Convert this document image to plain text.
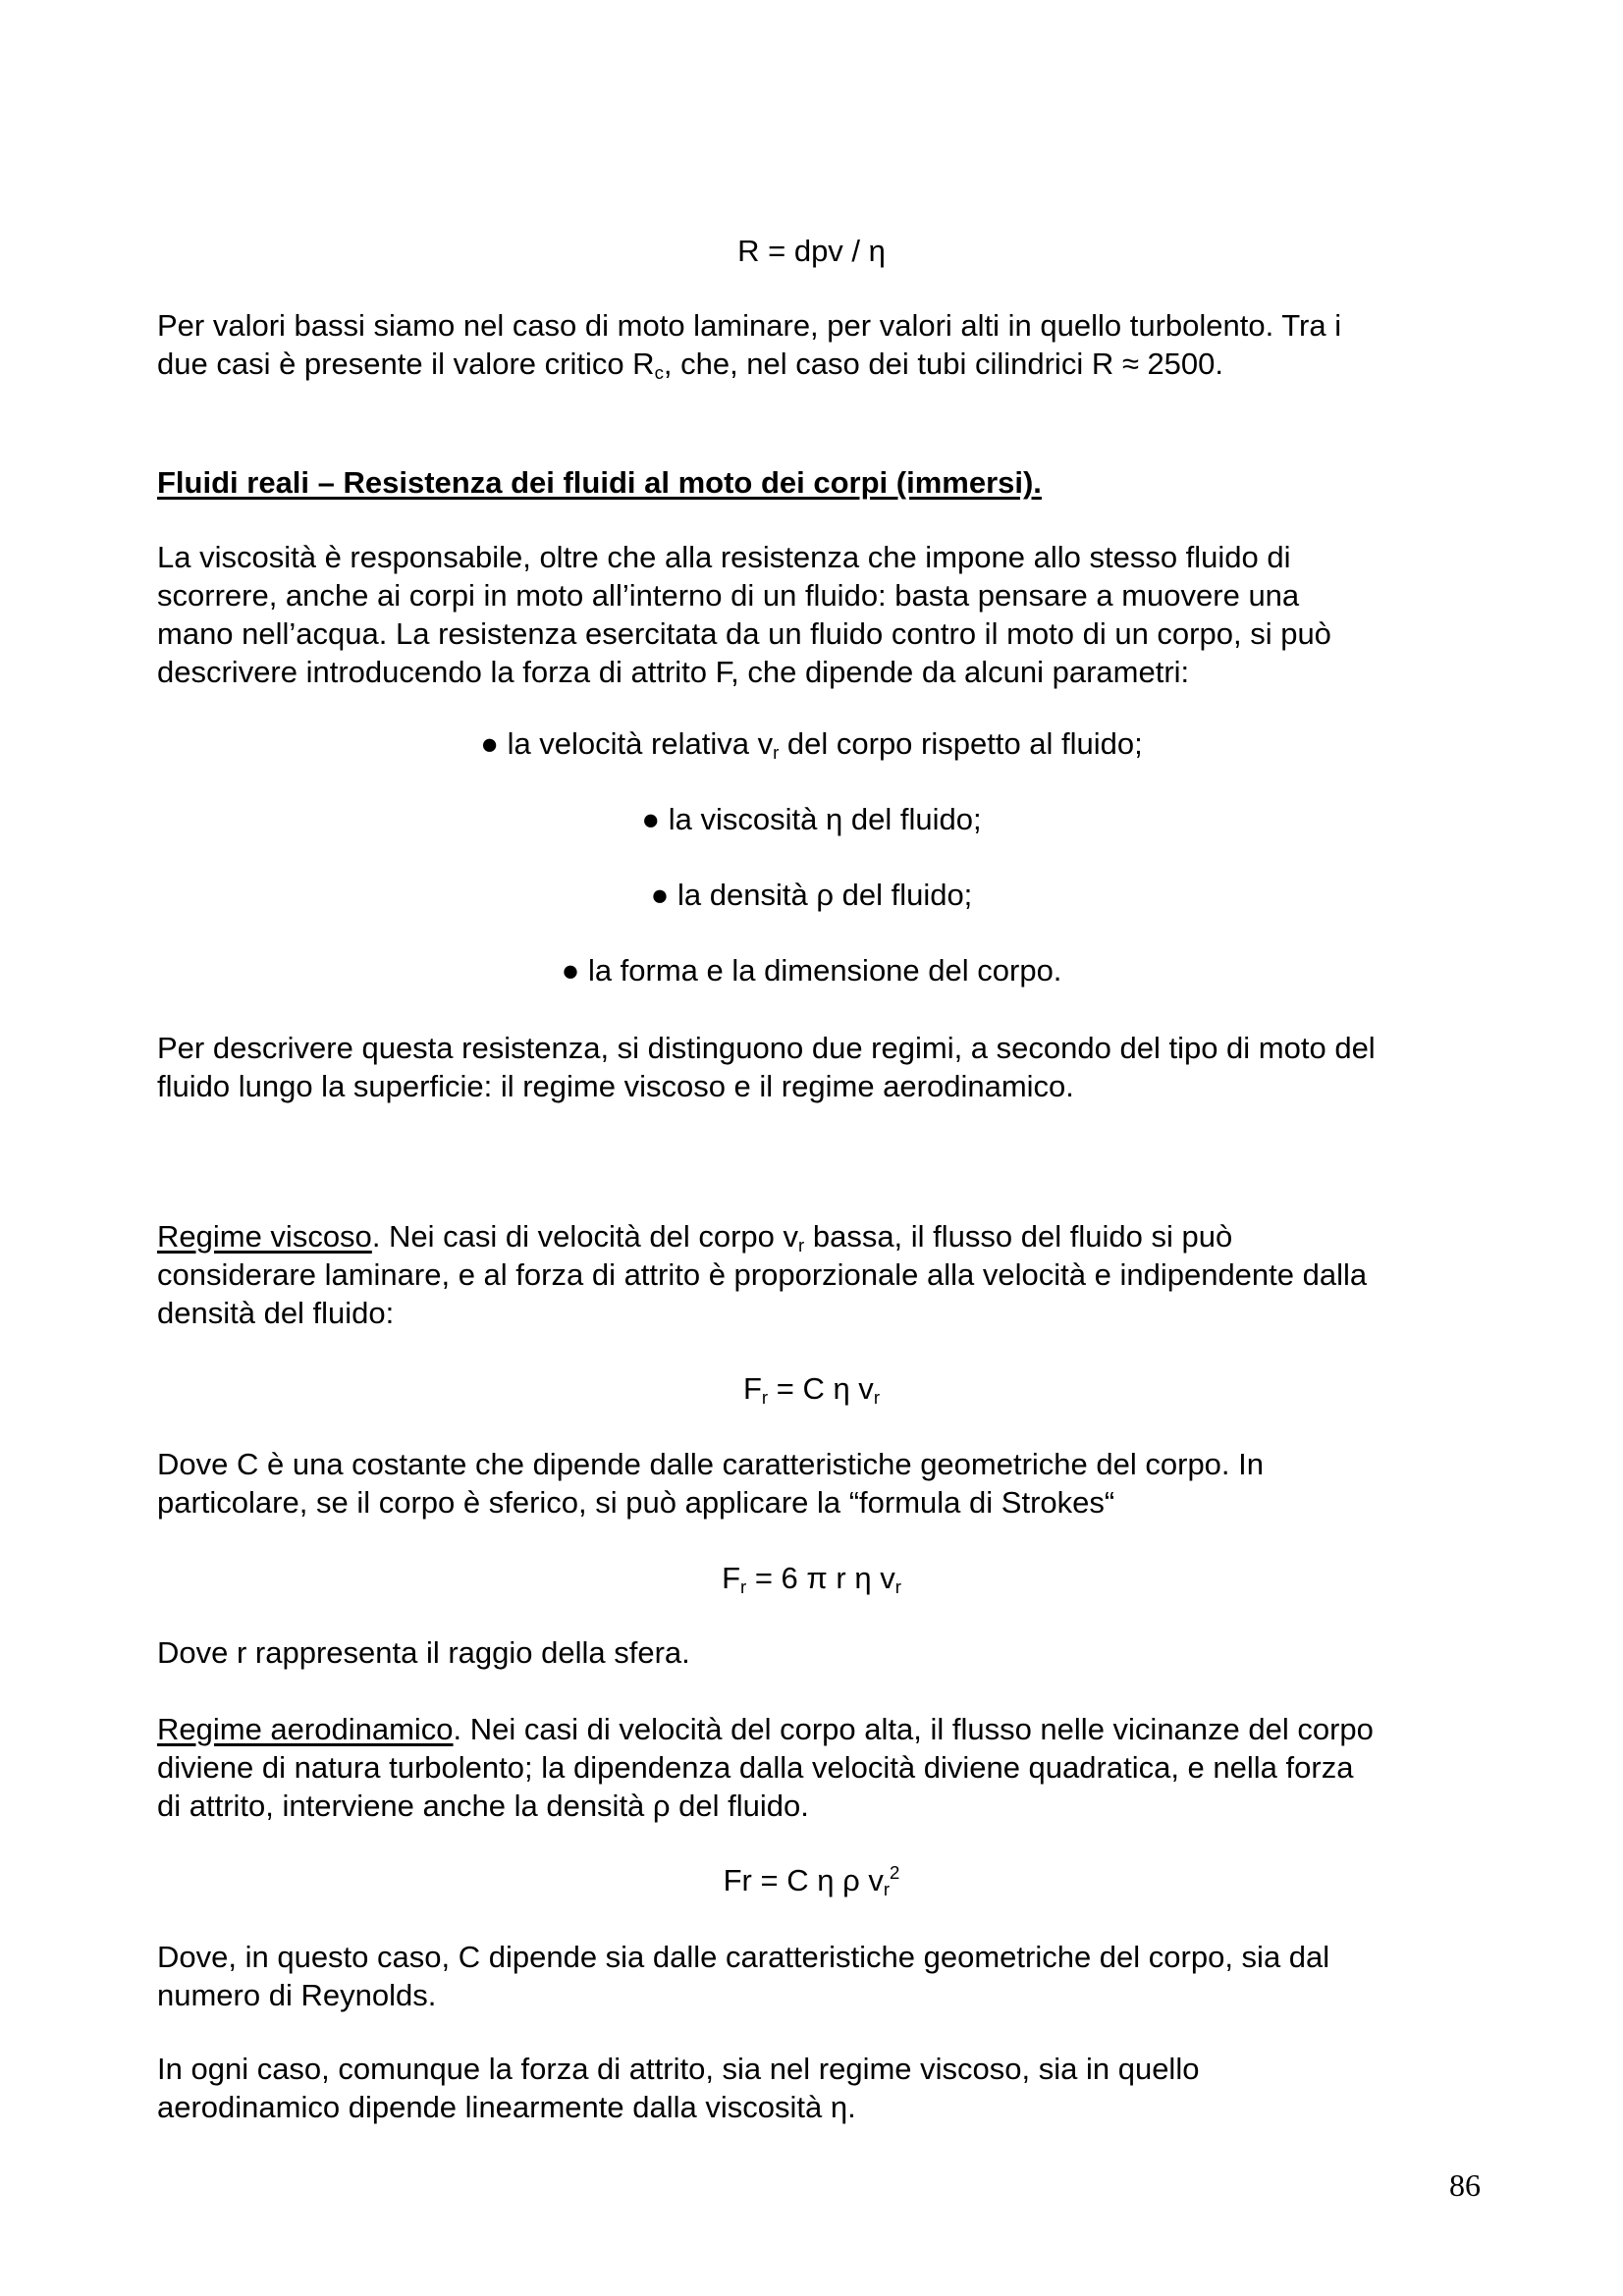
R = dpv / η

Per valori bassi siamo nel caso di moto laminare, per valori alti in quello turbolento. Tra i
due casi è presente il valore critico $R_c$, che, nel caso dei tubi cilindrici R ≈ 2500.

Fluidi reali – Resistenza dei fluidi al moto dei corpi (immersi).

La viscosità è responsabile, oltre che alla resistenza che impone allo stesso fluido di
scorrere, anche ai corpi in moto all’interno di un fluido: basta pensare a muovere una
mano nell’acqua. La resistenza esercitata da un fluido contro il moto di un corpo, si può
descrivere introducendo la forza di attrito F, che dipende da alcuni parametri:

● la velocità relativa $v_r$ del corpo rispetto al fluido;

● la viscosità η del fluido;

● la densità ρ del fluido;

● la forma e la dimensione del corpo.

Per descrivere questa resistenza, si distinguono due regimi, a secondo del tipo di moto del
fluido lungo la superficie: il regime viscoso e il regime aerodinamico.

Regime viscoso. Nei casi di velocità del corpo $v_r$ bassa, il flusso del fluido si può
considerare laminare, e al forza di attrito è proporzionale alla velocità e indipendente dalla
densità del fluido:

$F_r = C$ η $v_r$

Dove C è una costante che dipende dalle caratteristiche geometriche del corpo. In
particolare, se il corpo è sferico, si può applicare la “formula di Strokes“

$F_r = 6$ π r η $v_r$

Dove r rappresenta il raggio della sfera.

Regime aerodinamico. Nei casi di velocità del corpo alta, il flusso nelle vicinanze del corpo
diviene di natura turbolento; la dipendenza dalla velocità diviene quadratica, e nella forza
di attrito, interviene anche la densità ρ del fluido.

Fr = C η ρ $v_r^2$

Dove, in questo caso, C dipende sia dalle caratteristiche geometriche del corpo, sia dal
numero di Reynolds.

In ogni caso, comunque la forza di attrito, sia nel regime viscoso, sia in quello
aerodinamico dipende linearmente dalla viscosità η.

86
